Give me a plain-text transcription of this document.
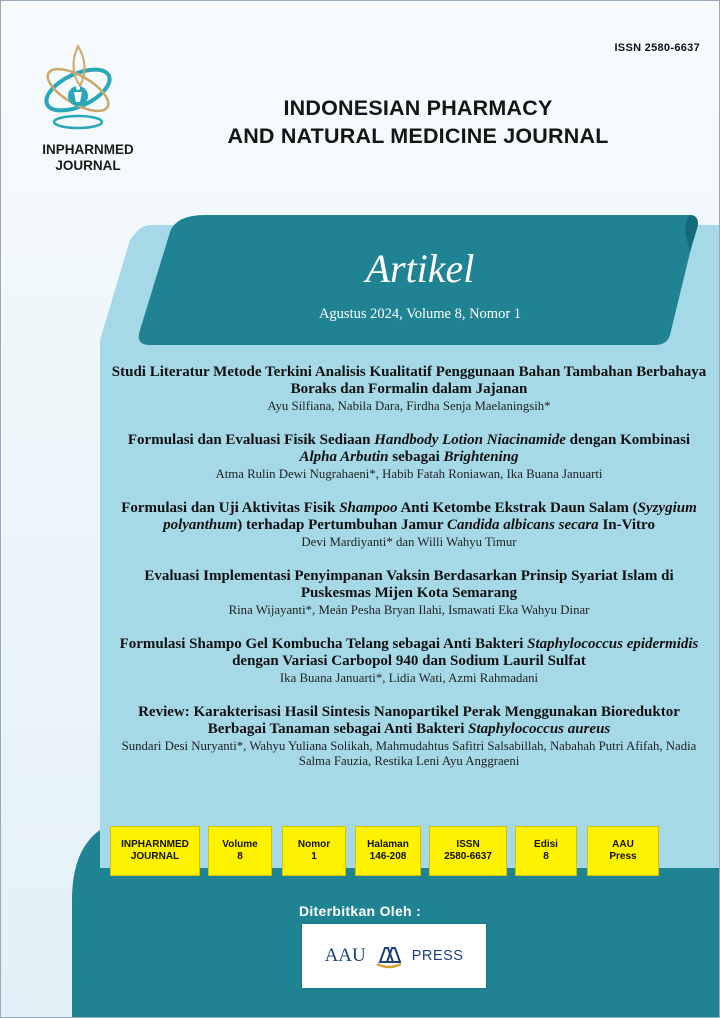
INPHARNMED
JOURNAL
ISSN 2580-6637
INDONESIAN PHARMACY
AND NATURAL MEDICINE JOURNAL
Artikel
Agustus 2024, Volume 8, Nomor 1
Studi Literatur Metode Terkini Analisis Kualitatif Penggunaan Bahan Tambahan Berbahaya Boraks dan Formalin dalam Jajanan
Ayu Silfiana, Nabila Dara, Firdha Senja Maelaningsih*
Formulasi dan Evaluasi Fisik Sediaan Handbody Lotion Niacinamide dengan Kombinasi Alpha Arbutin sebagai Brightening
Atma Rulin Dewi Nugrahaeni*, Habib Fatah Roniawan, Ika Buana Januarti
Formulasi dan Uji Aktivitas Fisik Shampoo Anti Ketombe Ekstrak Daun Salam (Syzygium polyanthum) terhadap Pertumbuhan Jamur Candida albicans secara In-Vitro
Devi Mardiyanti* dan Willi Wahyu Timur
Evaluasi Implementasi Penyimpanan Vaksin Berdasarkan Prinsip Syariat Islam di Puskesmas Mijen Kota Semarang
Rina Wijayanti*, Meán Pesha Bryan Ilahi, Ismawati Eka Wahyu Dinar
Formulasi Shampo Gel Kombucha Telang sebagai Anti Bakteri Staphylococcus epidermidis dengan Variasi Carbopol 940 dan Sodium Lauril Sulfat
Ika Buana Januarti*, Lidia Wati, Azmi Rahmadani
Review: Karakterisasi Hasil Sintesis Nanopartikel Perak Menggunakan Bioreduktor Berbagai Tanaman sebagai Anti Bakteri Staphylococcus aureus
Sundari Desi Nuryanti*, Wahyu Yuliana Solikah, Mahmudahtus Safitri Salsabillah, Nabahah Putri Afifah, Nadia Salma Fauzia, Restika Leni Ayu Anggraeni
INPHARNMED
JOURNAL
Volume
8
Nomor
1
Halaman
146-208
ISSN
2580-6637
Edisi
8
AAU
Press
Diterbitkan Oleh :
AAU	PRESS
